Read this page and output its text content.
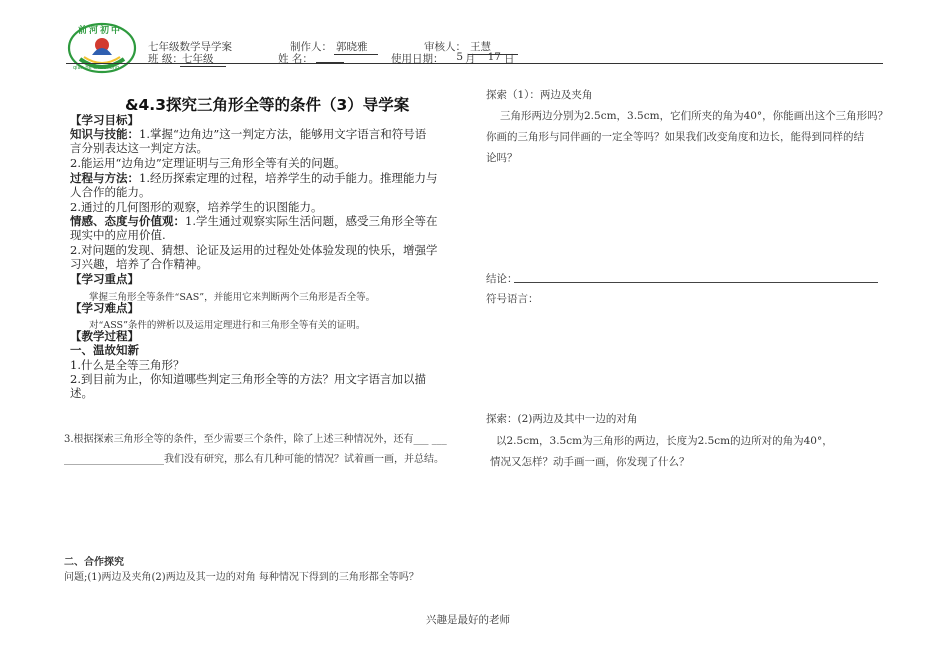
前河初中
qian he chu zhong
七年级数学导学案	制作人： 郭晓雅	审核人： 王慧
班 级： 七年级	姓 名：	使用日期：	5 月	17 日
&4.3探究三角形全等的条件（3）导学案
【学习目标】
知识与技能：1.掌握“边角边”这一判定方法，能够用文字语言和符号语
言分别表达这一判定方法。
2.能运用“边角边”定理证明与三角形全等有关的问题。
过程与方法：1.经历探索定理的过程，培养学生的动手能力。推理能力与
人合作的能力。
2.通过的几何图形的观察，培养学生的识图能力。
情感、态度与价值观：1.学生通过观察实际生活问题，感受三角形全等在
现实中的应用价值.
2.对问题的发现、猜想、论证及运用的过程处处体验发现的快乐，增强学
习兴趣，培养了合作精神。
【学习重点】
掌握三角形全等条件“SAS”，并能用它来判断两个三角形是否全等。
【学习难点】
对“ASS”条件的辨析以及运用定理进行和三角形全等有关的证明。
【教学过程】
一、温故知新
1.什么是全等三角形？
2.到目前为止，你知道哪些判定三角形全等的方法？用文字语言加以描
述。
3.根据探索三角形全等的条件，至少需要三个条件，除了上述三种情况外，还有___ ___
____________________我们没有研究，那么有几种可能的情况？试着画一画，并总结。
二、合作探究
问题;(1)两边及夹角(2)两边及其一边的对角 每种情况下得到的三角形都全等吗？
探索（1）：两边及夹角
三角形两边分别为2.5cm，3.5cm，它们所夹的角为40°，你能画出这个三角形吗？
你画的三角形与同伴画的一定全等吗？如果我们改变角度和边长，能得到同样的结
论吗？
结论：
符号语言：
探索：(2)两边及其中一边的对角
以2.5cm，3.5cm为三角形的两边，长度为2.5cm的边所对的角为40°，
情况又怎样？动手画一画，你发现了什么？
兴趣是最好的老师
